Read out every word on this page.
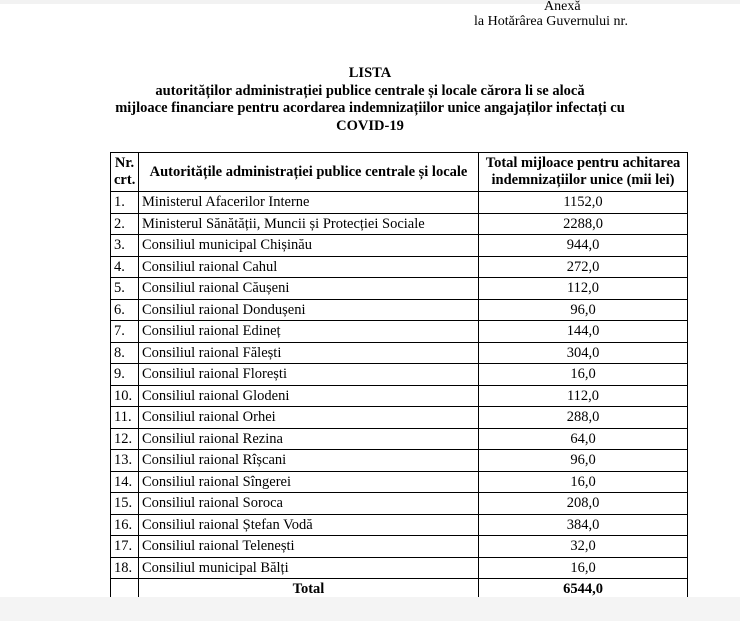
Anexă
la Hotărârea Guvernului nr.
LISTA
autorităților administrației publice centrale și locale cărora li se alocă
mijloace financiare pentru acordarea indemnizațiilor unice angajaților infectați cu
COVID-19
Nr. crt.	Autoritățile administrației publice centrale și locale	Total mijloace pentru achitarea indemnizațiilor unice (mii lei)
1.	Ministerul Afacerilor Interne	1152,0
2.	Ministerul Sănătății, Muncii și Protecției Sociale	2288,0
3.	Consiliul municipal Chișinău	944,0
4.	Consiliul raional Cahul	272,0
5.	Consiliul raional Căușeni	112,0
6.	Consiliul raional Dondușeni	96,0
7.	Consiliul raional Edineț	144,0
8.	Consiliul raional Fălești	304,0
9.	Consiliul raional Florești	16,0
10.	Consiliul raional Glodeni	112,0
11.	Consiliul raional Orhei	288,0
12.	Consiliul raional Rezina	64,0
13.	Consiliul raional Rîșcani	96,0
14.	Consiliul raional Sîngerei	16,0
15.	Consiliul raional Soroca	208,0
16.	Consiliul raional Ștefan Vodă	384,0
17.	Consiliul raional Telenești	32,0
18.	Consiliul municipal Bălți	16,0
	Total	6544,0
